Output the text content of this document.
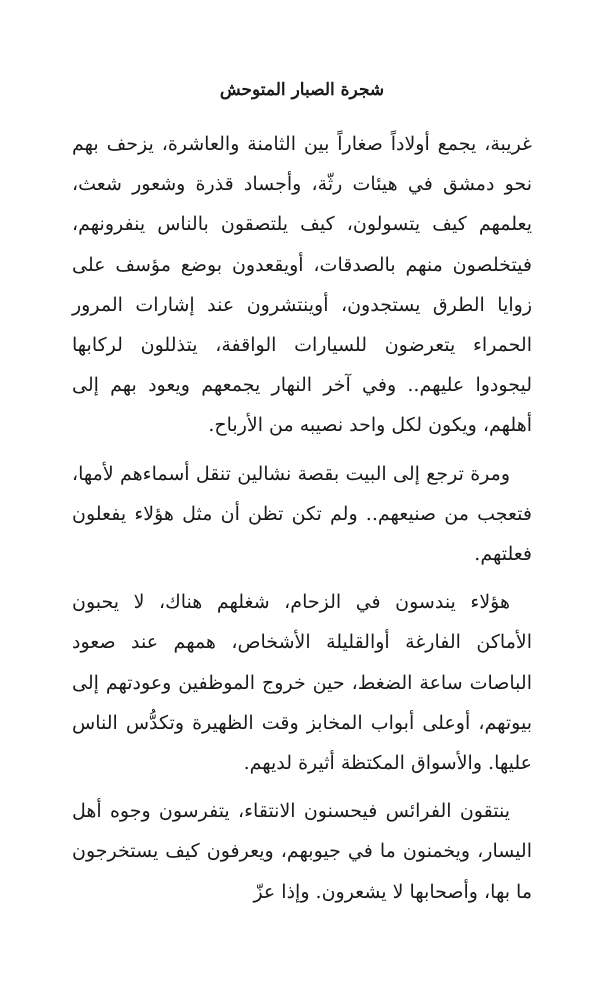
شجرة الصبار المتوحش

غريبة، يجمع أولاداً صغاراً بين الثامنة والعاشرة، يزحف بهم نحو دمشق في هيئات رثّة، وأجساد قذرة وشعور شعث، يعلمهم كيف يتسولون، كيف يلتصقون بالناس ينفرونهم، فيتخلصون منهم بالصدقات، أويقعدون بوضع مؤسف على زوايا الطرق يستجدون، أوينتشرون عند إشارات المرور الحمراء يتعرضون للسيارات الواقفة، يتذللون لركابها ليجودوا عليهم.. وفي آخر النهار يجمعهم ويعود بهم إلى أهلهم، ويكون لكل واحد نصيبه من الأرباح.

ومرة ترجع إلى البيت بقصة نشالين تنقل أسماءهم لأمها، فتعجب من صنيعهم.. ولم تكن تظن أن مثل هؤلاء يفعلون فعلتهم.

هؤلاء يندسون في الزحام، شغلهم هناك، لا يحبون الأماكن الفارغة أوالقليلة الأشخاص، همهم عند صعود الباصات ساعة الضغط، حين خروج الموظفين وعودتهم إلى بيوتهم، أوعلى أبواب المخابز وقت الظهيرة وتكدُّس الناس عليها. والأسواق المكتظة أثيرة لديهم.

ينتقون الفرائس فيحسنون الانتقاء، يتفرسون وجوه أهل اليسار، ويخمنون ما في جيوبهم، ويعرفون كيف يستخرجون ما بها، وأصحابها لا يشعرون. وإذا عزّ
